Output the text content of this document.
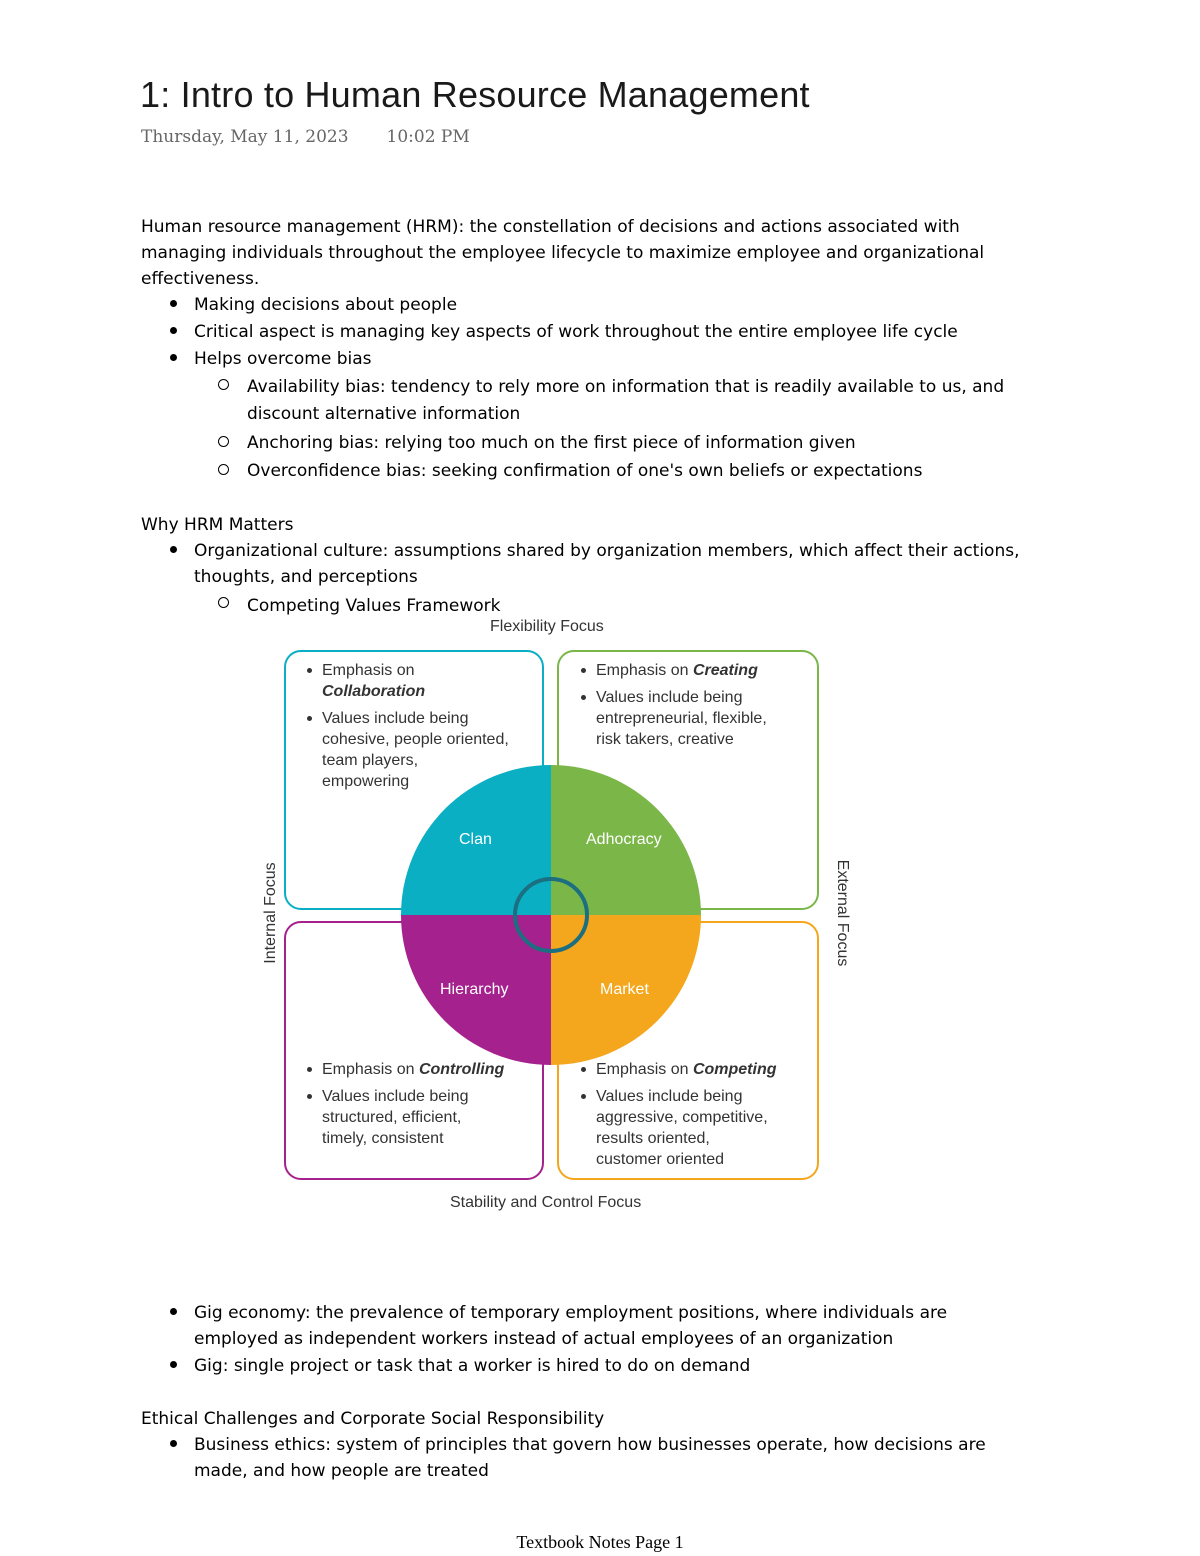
1: Intro to Human Resource Management
Thursday, May 11, 2023 10:02 PM
Human resource management (HRM): the constellation of decisions and actions associated with
managing individuals throughout the employee lifecycle to maximize employee and organizational
effectiveness.
Making decisions about people
Critical aspect is managing key aspects of work throughout the entire employee life cycle
Helps overcome bias
Availability bias: tendency to rely more on information that is readily available to us, and
discount alternative information
Anchoring bias: relying too much on the first piece of information given
Overconfidence bias: seeking confirmation of one's own beliefs or expectations
Why HRM Matters
Organizational culture: assumptions shared by organization members, which affect their actions,
thoughts, and perceptions
Competing Values Framework
Flexibility Focus
Stability and Control Focus
Internal Focus	External Focus
Clan	Adhocracy
Hierarchy	Market
Emphasis on
Collaboration
Values include being
cohesive, people oriented,
team players,
empowering
Emphasis on Creating
Values include being
entrepreneurial, flexible,
risk takers, creative
Emphasis on Controlling
Values include being
structured, efficient,
timely, consistent
Emphasis on Competing
Values include being
aggressive, competitive,
results oriented,
customer oriented
Gig economy: the prevalence of temporary employment positions, where individuals are
employed as independent workers instead of actual employees of an organization
Gig: single project or task that a worker is hired to do on demand
Ethical Challenges and Corporate Social Responsibility
Business ethics: system of principles that govern how businesses operate, how decisions are
made, and how people are treated
Textbook Notes Page 1
